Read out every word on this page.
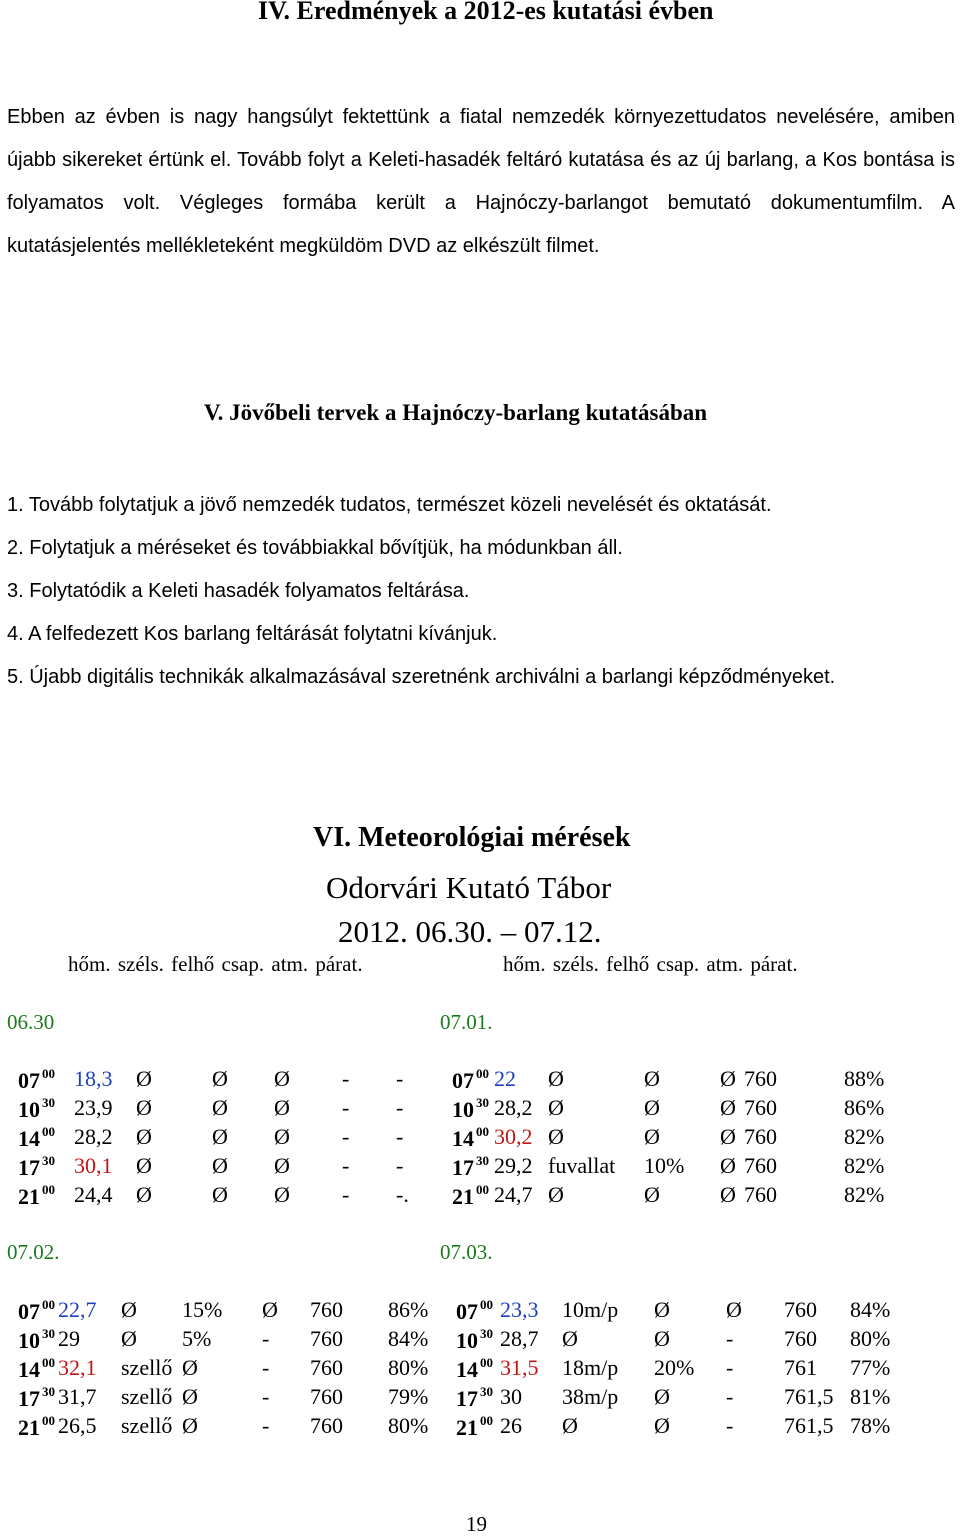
IV. Eredmények a 2012-es kutatási évben

Ebben az évben is nagy hangsúlyt fektettünk a fiatal nemzedék környezettudatos nevelésére, amiben újabb sikereket értünk el. Tovább folyt a Keleti-hasadék feltáró kutatása és az új barlang, a Kos bontása is folyamatos volt. Végleges formába került a Hajnóczy-barlangot bemutató dokumentumfilm. A kutatásjelentés mellékleteként megküldöm DVD az elkészült filmet.

V. Jövőbeli tervek a Hajnóczy-barlang kutatásában
1. Tovább folytatjuk a jövő nemzedék tudatos, természet közeli nevelését és oktatását.
2. Folytatjuk a méréseket és továbbiakkal bővítjük, ha módunkban áll.
3. Folytatódik a Keleti hasadék folyamatos feltárása.
4. A felfedezett Kos barlang feltárását folytatni kívánjuk.
5. Újabb digitális technikák alkalmazásával szeretnénk archiválni a barlangi képződményeket.
VI. Meteorológiai mérések
Odorvári Kutató Tábor
2012. 06.30. – 07.12.
hőm. széls. felhő csap. atm. párat.	hőm. széls. felhő csap. atm. párat.
06.30
07 $^{00}$ 18,3 Ø	Ø Ø - -
10 $^{30}$ 23,9 Ø	Ø Ø - -
14 $^{00}$ 28,2 Ø	Ø Ø - -
17 $^{30}$ 30,1 Ø	Ø Ø - -
21 $^{00}$ 24,4 Ø	Ø Ø - -.
07.01.
07 $^{00}$ 22 Ø	Ø	Ø 760	88%
10 $^{30}$ 28,2 Ø	Ø	Ø 760	86%
14 $^{00}$ 30,2 Ø	Ø	Ø 760	82%
17 $^{30}$ 29,2 fuvallat 10% Ø 760	82%
21 $^{00}$ 24,7 Ø	Ø	Ø 760	82%
07.02.
07 $^{00}$ 22,7 Ø 15% Ø 760 86%
10 $^{30}$ 29 Ø 5% - 760 84%
14 $^{00}$ 32,1 szellő Ø	- 760 80%
17 $^{30}$ 31,7 szellő Ø	- 760 79%
21 $^{00}$ 26,5 szellő Ø	- 760 80%
07.03.
07 $^{00}$ 23,3 10m/p Ø	Ø 760 84%
10 $^{30}$ 28,7 Ø	Ø	- 760 80%
14 $^{00}$ 31,5 18m/p 20% - 761 77%
17 $^{30}$ 30 38m/p Ø	- 761,5 81%
21 $^{00}$ 26 Ø	Ø	- 761,5 78%
19
